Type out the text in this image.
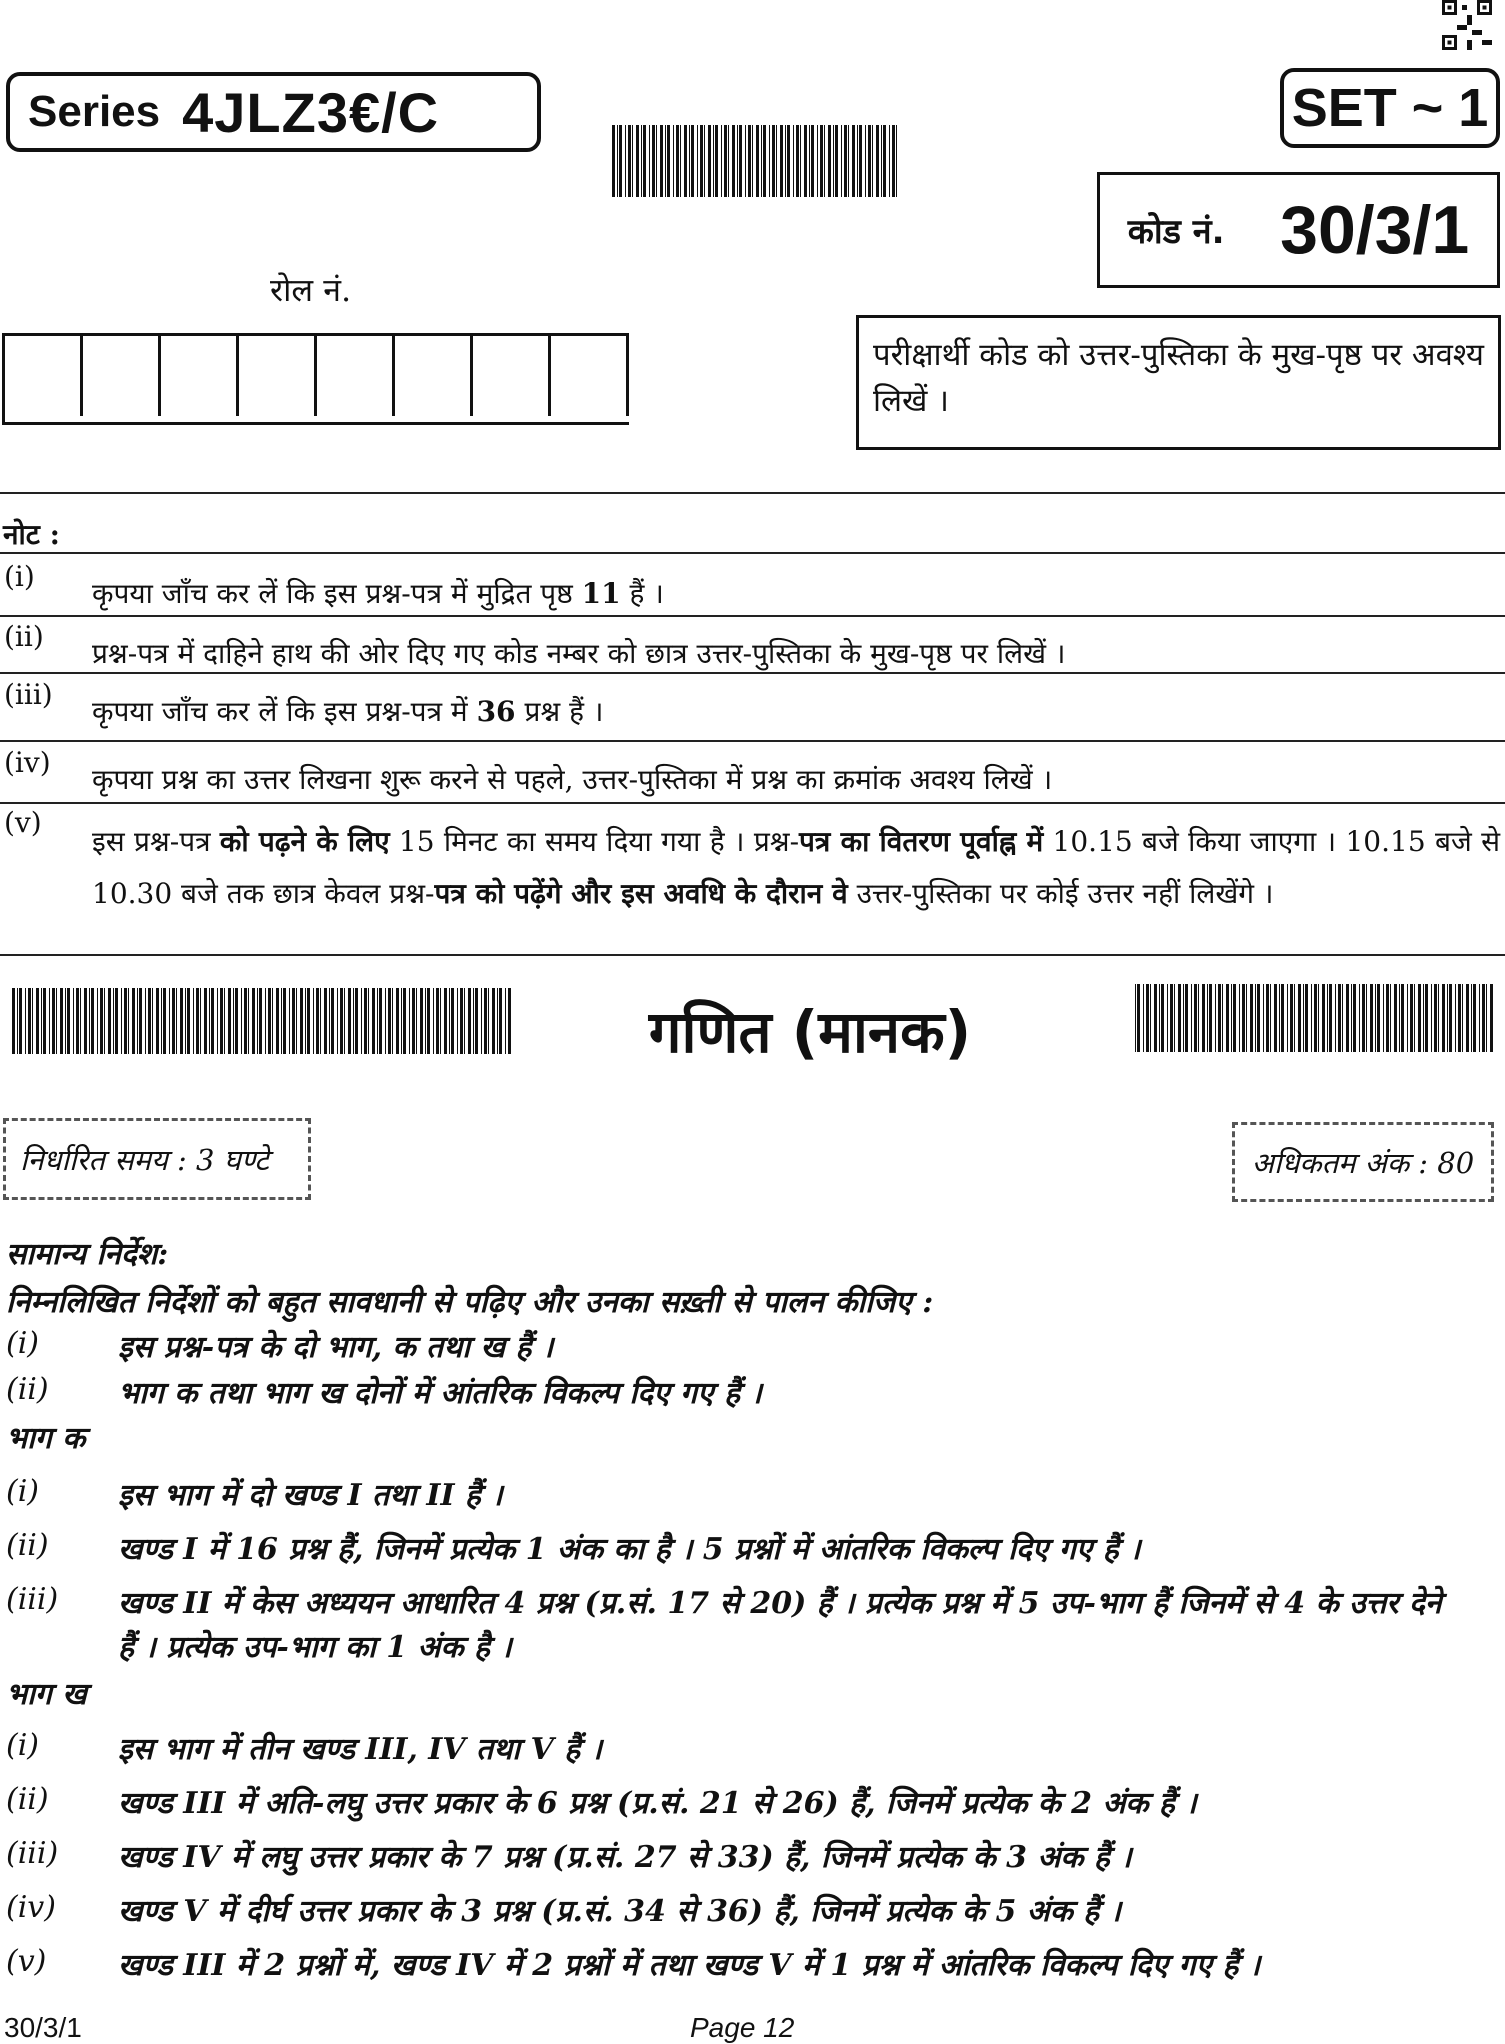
Series 4JLZ3€/C	SET ~ 1
कोड नं. 30/3/1
रोल नं.
परीक्षार्थी कोड को उत्तर-पुस्तिका के मुख-पृष्ठ पर अवश्य लिखें ।
नोट :
(i)
कृपया जाँच कर लें कि इस प्रश्न-पत्र में मुद्रित पृष्ठ 11 हैं ।
(ii)
प्रश्न-पत्र में दाहिने हाथ की ओर दिए गए कोड नम्बर को छात्र उत्तर-पुस्तिका के मुख-पृष्ठ पर लिखें ।
(iii)
कृपया जाँच कर लें कि इस प्रश्न-पत्र में 36 प्रश्न हैं ।
(iv)
कृपया प्रश्न का उत्तर लिखना शुरू करने से पहले, उत्तर-पुस्तिका में प्रश्न का क्रमांक अवश्य लिखें ।
(v)
इस प्रश्न-पत्र को पढ़ने के लिए 15 मिनट का समय दिया गया है । प्रश्न-पत्र का वितरण पूर्वाह्न में 10.15 बजे किया जाएगा । 10.15 बजे से 10.30 बजे तक छात्र केवल प्रश्न-पत्र को पढ़ेंगे और इस अवधि के दौरान वे उत्तर-पुस्तिका पर कोई उत्तर नहीं लिखेंगे ।
गणित (मानक)
निर्धारित समय : 3 घण्टे	अधिकतम अंक : 80
सामान्य निर्देश:
निम्नलिखित निर्देशों को बहुत सावधानी से पढ़िए और उनका सख़्ती से पालन कीजिए :
(i)	इस प्रश्न-पत्र के दो भाग, क तथा ख हैं ।
(ii) भाग क तथा भाग ख दोनों में आंतरिक विकल्प दिए गए हैं ।
भाग क
(i)	इस भाग में दो खण्ड I तथा II हैं ।
(ii) खण्ड I में 16 प्रश्न हैं, जिनमें प्रत्येक 1 अंक का है । 5 प्रश्नों में आंतरिक विकल्प दिए गए हैं ।
(iii) खण्ड II में केस अध्ययन आधारित 4 प्रश्न (प्र.सं. 17 से 20) हैं । प्रत्येक प्रश्न में 5 उप-भाग हैं जिनमें से 4 के उत्तर देने हैं । प्रत्येक उप-भाग का 1 अंक है ।
भाग ख
(i)	इस भाग में तीन खण्ड III, IV तथा V हैं ।
(ii) खण्ड III में अति-लघु उत्तर प्रकार के 6 प्रश्न (प्र.सं. 21 से 26) हैं, जिनमें प्रत्येक के 2 अंक हैं ।
(iii) खण्ड IV में लघु उत्तर प्रकार के 7 प्रश्न (प्र.सं. 27 से 33) हैं, जिनमें प्रत्येक के 3 अंक हैं ।
(iv) खण्ड V में दीर्घ उत्तर प्रकार के 3 प्रश्न (प्र.सं. 34 से 36) हैं, जिनमें प्रत्येक के 5 अंक हैं ।
(v) खण्ड III में 2 प्रश्नों में, खण्ड IV में 2 प्रश्नों में तथा खण्ड V में 1 प्रश्न में आंतरिक विकल्प दिए गए हैं ।
30/3/1	Page 12
